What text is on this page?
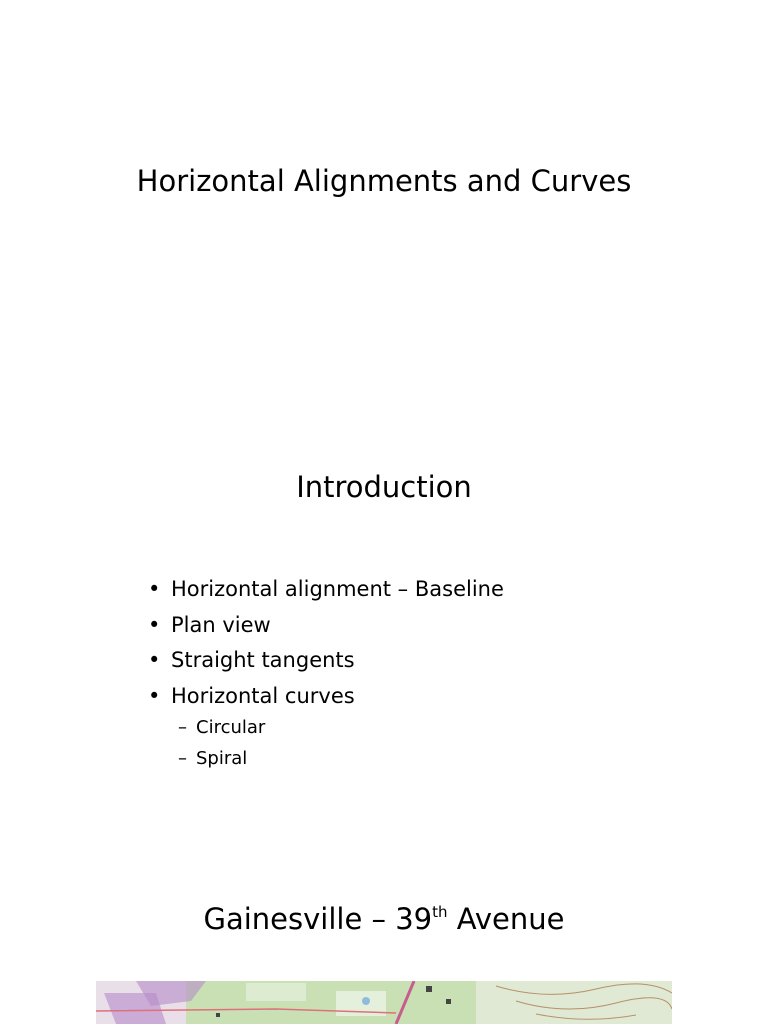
Horizontal Alignments and Curves
Introduction
• Horizontal alignment – Baseline
• Plan view
• Straight tangents
• Horizontal curves
– Circular
– Spiral
Gainesville – 39th Avenue
